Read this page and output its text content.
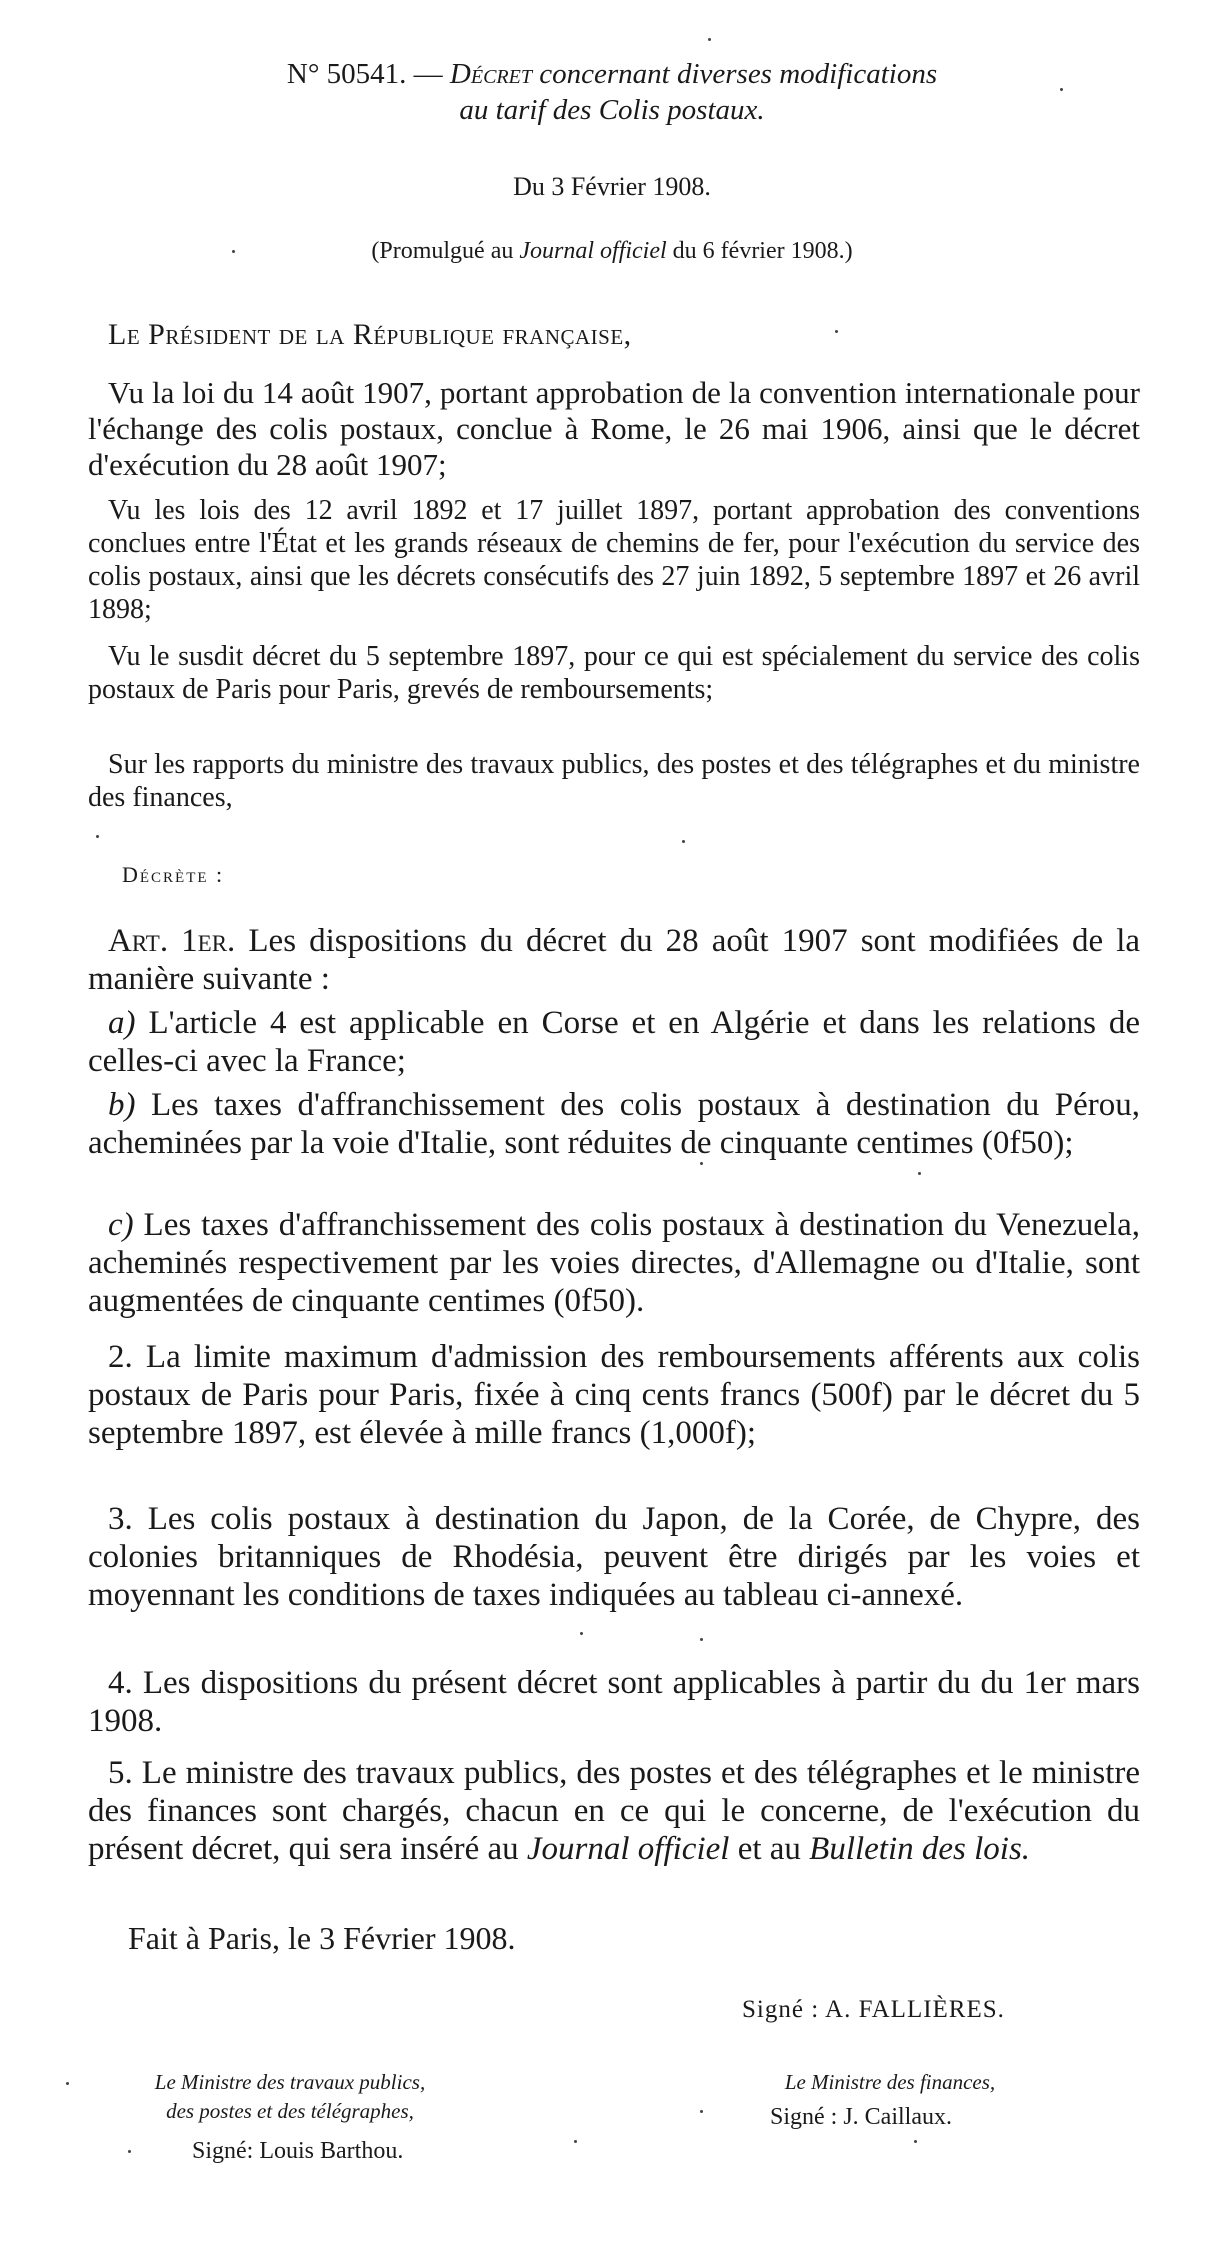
N° 50541. — Décret concernant diverses modifications
au tarif des Colis postaux.
Du 3 Février 1908.
(Promulgué au Journal officiel du 6 février 1908.)
Le Président de la République française,
Vu la loi du 14 août 1907, portant approbation de la convention internationale pour l'échange des colis postaux, conclue à Rome, le 26 mai 1906, ainsi que le décret d'exécution du 28 août 1907;
Vu les lois des 12 avril 1892 et 17 juillet 1897, portant approbation des conventions conclues entre l'État et les grands réseaux de chemins de fer, pour l'exécution du service des colis postaux, ainsi que les décrets consécutifs des 27 juin 1892, 5 septembre 1897 et 26 avril 1898;
Vu le susdit décret du 5 septembre 1897, pour ce qui est spécialement du service des colis postaux de Paris pour Paris, grevés de remboursements;
Sur les rapports du ministre des travaux publics, des postes et des télégraphes et du ministre des finances,
Décrète :
Art. 1er. Les dispositions du décret du 28 août 1907 sont modifiées de la manière suivante :
a) L'article 4 est applicable en Corse et en Algérie et dans les relations de celles-ci avec la France;
b) Les taxes d'affranchissement des colis postaux à destination du Pérou, acheminées par la voie d'Italie, sont réduites de cinquante centimes (0f50);
c) Les taxes d'affranchissement des colis postaux à destination du Venezuela, acheminés respectivement par les voies directes, d'Allemagne ou d'Italie, sont augmentées de cinquante centimes (0f50).
2. La limite maximum d'admission des remboursements afférents aux colis postaux de Paris pour Paris, fixée à cinq cents francs (500f) par le décret du 5 septembre 1897, est élevée à mille francs (1,000f);
3. Les colis postaux à destination du Japon, de la Corée, de Chypre, des colonies britanniques de Rhodésia, peuvent être dirigés par les voies et moyennant les conditions de taxes indiquées au tableau ci-annexé.
4. Les dispositions du présent décret sont applicables à partir du du 1er mars 1908.
5. Le ministre des travaux publics, des postes et des télégraphes et le ministre des finances sont chargés, chacun en ce qui le concerne, de l'exécution du présent décret, qui sera inséré au Journal officiel et au Bulletin des lois.
Fait à Paris, le 3 Février 1908.
Signé : A. FALLIÈRES.
Le Ministre des travaux publics,
des postes et des télégraphes,
Signé: Louis Barthou.
Le Ministre des finances,
Signé : J. Caillaux.
